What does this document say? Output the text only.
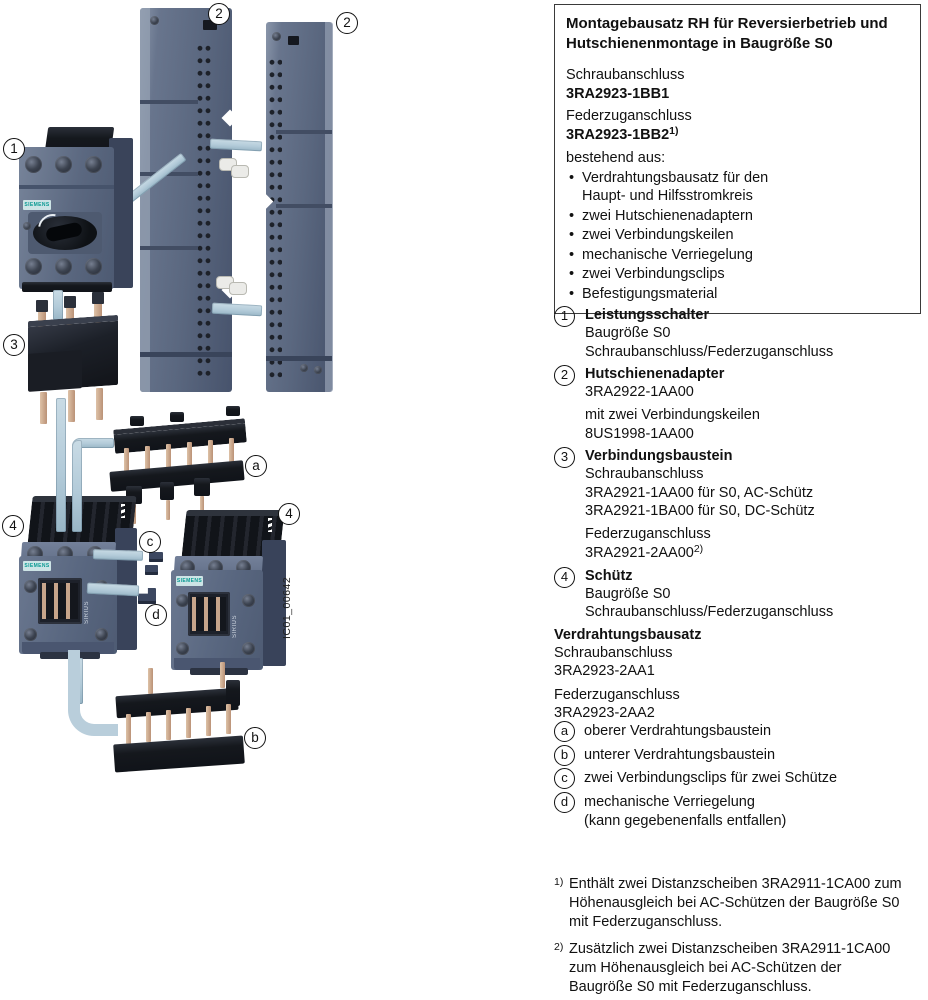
SIEMENS
SIEMENS
SIRIUS
SIEMENS
SIRIUS
1
2
2
3
a
4
4
c
d
b
IC01_00642
Montagebausatz RH für Reversierbetrieb und
Hutschienenmontage in Baugröße S0
Schraubanschluss
3RA2923-1BB1
Federzuganschluss
3RA2923-1BB2$^{1)}$
bestehend aus:
• Verdrahtungsbausatz für den
Haupt- und Hilfsstromkreis
• zwei Hutschienenadaptern
• zwei Verbindungskeilen
• mechanische Verriegelung
• zwei Verbindungsclips
• Befestigungsmaterial
1 Leistungsschalter
Baugröße S0
Schraubanschluss/Federzuganschluss
2 Hutschienenadapter
3RA2922-1AA00
mit zwei Verbindungskeilen
8US1998-1AA00
3 Verbindungsbaustein
Schraubanschluss
3RA2921-1AA00 für S0, AC-Schütz
3RA2921-1BA00 für S0, DC-Schütz
Federzuganschluss
3RA2921-2AA00$^{2)}$
4 Schütz
Baugröße S0
Schraubanschluss/Federzuganschluss
Verdrahtungsbausatz
Schraubanschluss
3RA2923-2AA1
Federzuganschluss
3RA2923-2AA2
a oberer Verdrahtungsbaustein
b unterer Verdrahtungsbaustein
c zwei Verbindungsclips für zwei Schütze
d mechanische Verriegelung
(kann gegebenenfalls entfallen)
1) Enthält zwei Distanzscheiben 3RA2911-1CA00 zum
Höhenausgleich bei AC-Schützen der Baugröße S0
mit Federzuganschluss.
2) Zusätzlich zwei Distanzscheiben 3RA2911-1CA00
zum Höhenausgleich bei AC-Schützen der
Baugröße S0 mit Federzuganschluss.
